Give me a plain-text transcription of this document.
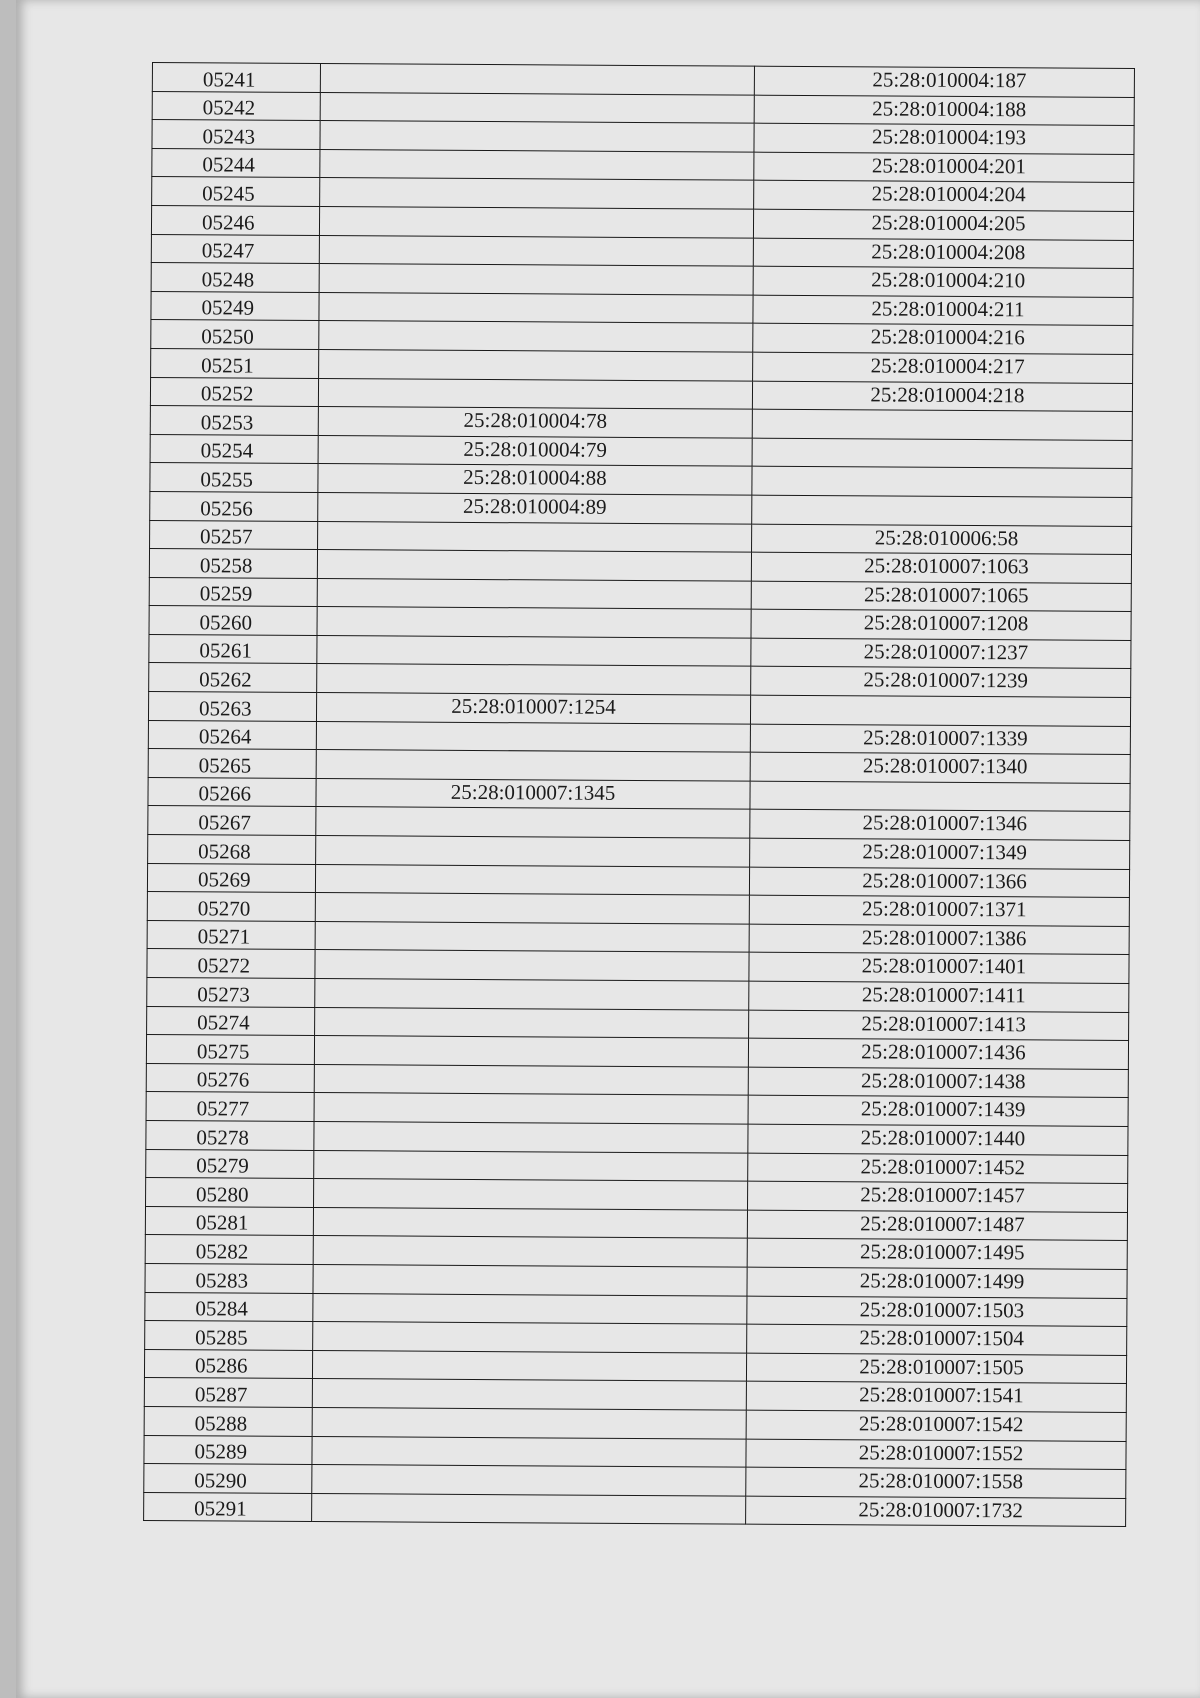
05241		25:28:010004:187
05242		25:28:010004:188
05243		25:28:010004:193
05244		25:28:010004:201
05245		25:28:010004:204
05246		25:28:010004:205
05247		25:28:010004:208
05248		25:28:010004:210
05249		25:28:010004:211
05250		25:28:010004:216
05251		25:28:010004:217
05252		25:28:010004:218
05253	25:28:010004:78	
05254	25:28:010004:79	
05255	25:28:010004:88	
05256	25:28:010004:89	
05257		25:28:010006:58
05258		25:28:010007:1063
05259		25:28:010007:1065
05260		25:28:010007:1208
05261		25:28:010007:1237
05262		25:28:010007:1239
05263	25:28:010007:1254	
05264		25:28:010007:1339
05265		25:28:010007:1340
05266	25:28:010007:1345	
05267		25:28:010007:1346
05268		25:28:010007:1349
05269		25:28:010007:1366
05270		25:28:010007:1371
05271		25:28:010007:1386
05272		25:28:010007:1401
05273		25:28:010007:1411
05274		25:28:010007:1413
05275		25:28:010007:1436
05276		25:28:010007:1438
05277		25:28:010007:1439
05278		25:28:010007:1440
05279		25:28:010007:1452
05280		25:28:010007:1457
05281		25:28:010007:1487
05282		25:28:010007:1495
05283		25:28:010007:1499
05284		25:28:010007:1503
05285		25:28:010007:1504
05286		25:28:010007:1505
05287		25:28:010007:1541
05288		25:28:010007:1542
05289		25:28:010007:1552
05290		25:28:010007:1558
05291		25:28:010007:1732
